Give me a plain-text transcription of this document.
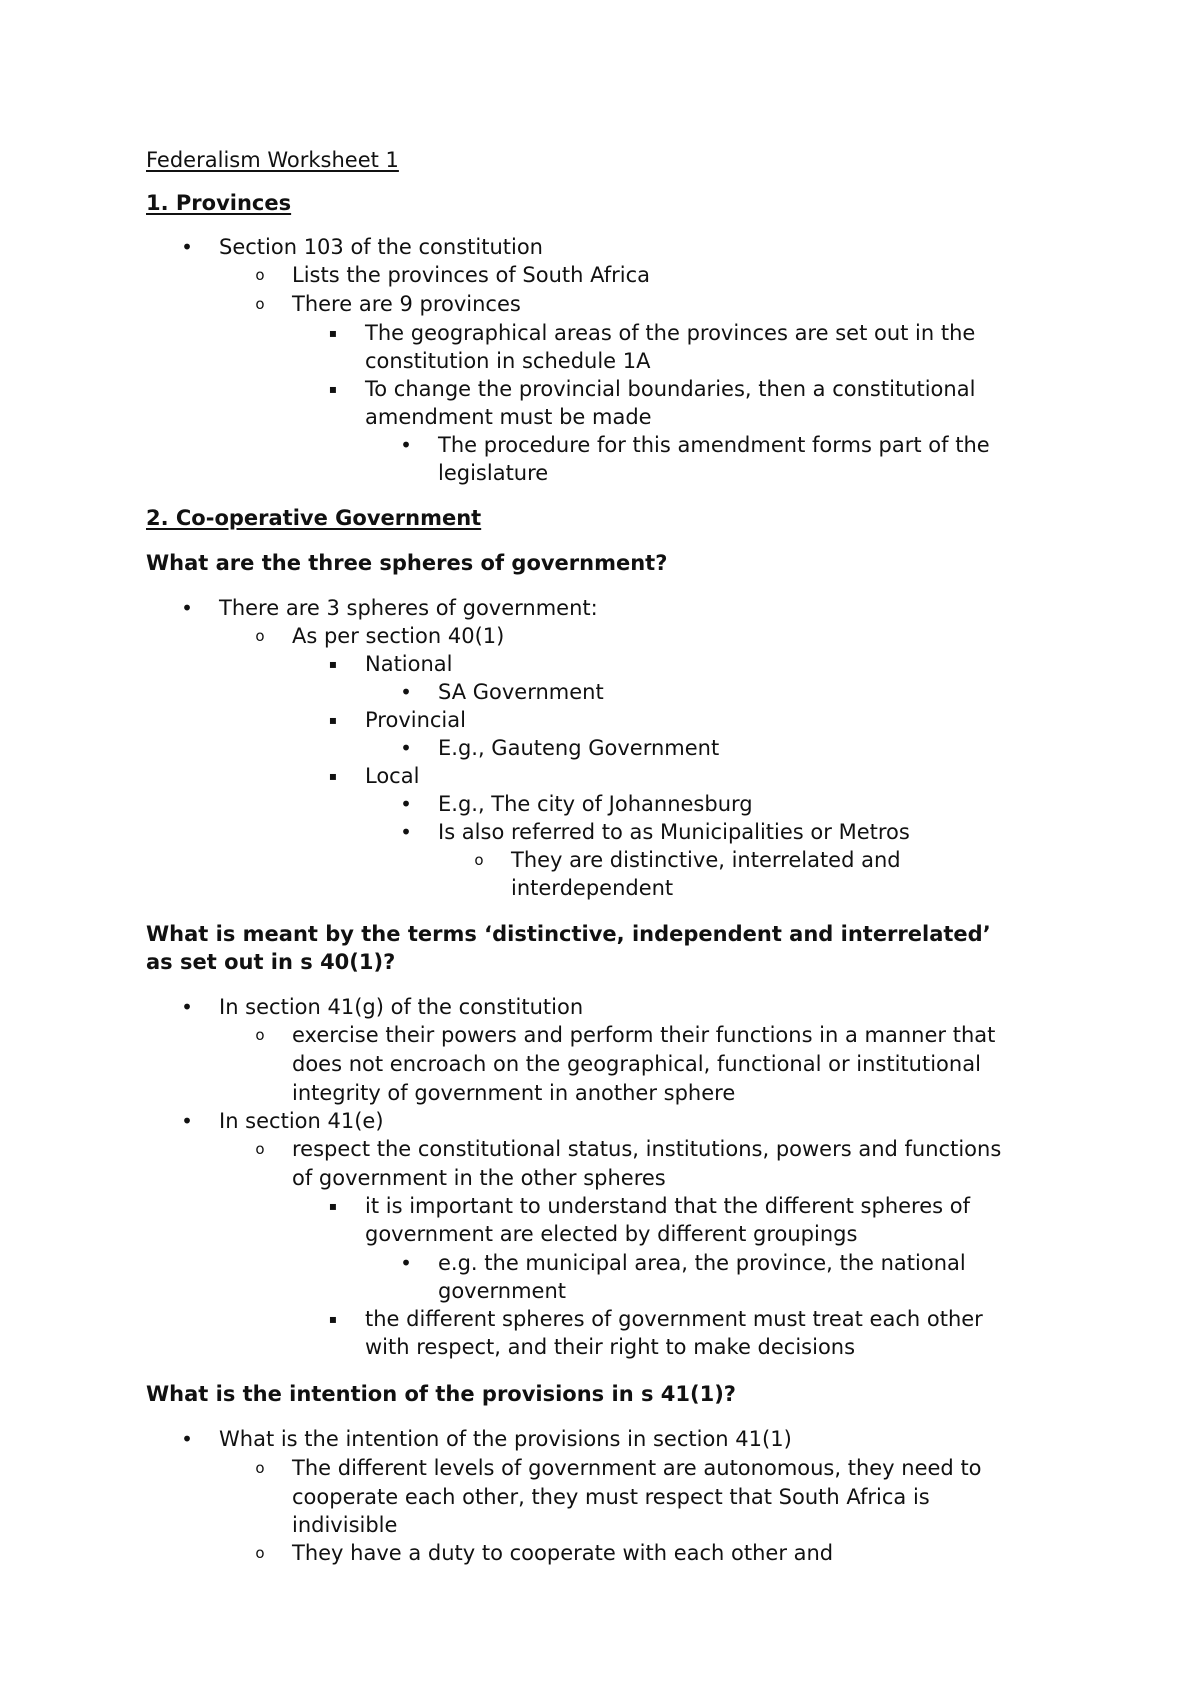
Federalism Worksheet 1
1. Provinces
• Section 103 of the constitution

o Lists the provinces of South Africa

o There are 9 provinces

▪ The geographical areas of the provinces are set out in the

constitution in schedule 1A

▪ To change the provincial boundaries, then a constitutional

amendment must be made

• The procedure for this amendment forms part of the

legislature

2. Co-operative Government
What are the three spheres of government?
• There are 3 spheres of government:

o As per section 40(1)

▪ National

• SA Government

▪ Provincial

• E.g., Gauteng Government

▪ Local

• E.g., The city of Johannesburg

• Is also referred to as Municipalities or Metros

o They are distinctive, interrelated and

interdependent

What is meant by the terms ‘distinctive, independent and interrelated’
as set out in s 40(1)?
• In section 41(g) of the constitution

o exercise their powers and perform their functions in a manner that

does not encroach on the geographical, functional or institutional

integrity of government in another sphere

• In section 41(e)

o respect the constitutional status, institutions, powers and functions

of government in the other spheres

▪ it is important to understand that the different spheres of

government are elected by different groupings

• e.g. the municipal area, the province, the national

government

▪ the different spheres of government must treat each other

with respect, and their right to make decisions

What is the intention of the provisions in s 41(1)?
• What is the intention of the provisions in section 41(1)

o The different levels of government are autonomous, they need to

cooperate each other, they must respect that South Africa is

indivisible

o They have a duty to cooperate with each other and
